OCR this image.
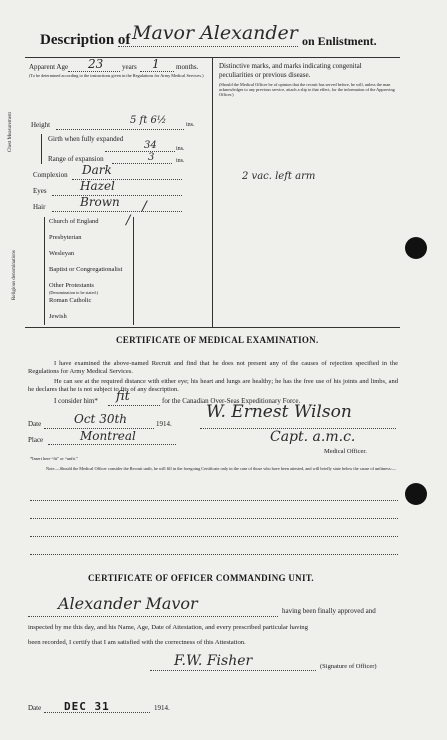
Description of Mavor Alexander on Enlistment.
Apparent Age 23	years 1 months.
(To be determined according to the instructions given in the Regulations for Army Medical Services.)
Height	5 ft 6½	ins.
Chest Measurement	Girth when fully expanded
34	ins.
Range of expansion	3	ins.
Complexion Dark
Eyes	Hazel
Hair	Brown /
Religious denominations
Church of England /
Presbyterian
Wesleyan
Baptist or Congregationalist
Other Protestants
(Denomination to be stated.)
Roman Catholic
Jewish
Distinctive marks, and marks indicating congenital peculiarities or previous disease.
(Should the Medical Officer be of opinion that the recruit has served before, he will, unless the man acknowledges to any previous service, attach a slip to that effect, for the information of the Approving Officer.)
2 vac. left arm
CERTIFICATE OF MEDICAL EXAMINATION.
I have examined the above-named Recruit and find that he does not present any of the causes of rejection specified in the Regulations for Army Medical Services.
He can see at the required distance with either eye; his heart and lungs are healthy; he has the free use of his joints and limbs, and he declares that he is not subject to fits of any description.
I consider him* fit	for the Canadian Over-Seas Expeditionary Force.
Date	Oct 30th	1914.
W. Ernest Wilson
Place	Montreal	Capt. a.m.c.
Medical Officer.
*Insert here “fit” or “unfit.”
Note.—Should the Medical Officer consider the Recruit unfit, he will fill in the foregoing Certificate only in the case of those who have been attested, and will briefly state below the cause of unfitness:—
CERTIFICATE OF OFFICER COMMANDING UNIT.
Alexander Mavor	having been finally approved and
inspected by me this day, and his Name, Age, Date of Attestation, and every prescribed particular having
been recorded, I certify that I am satisfied with the correctness of this Attestation.
F.W. Fisher	(Signature of Officer)
Date DEC 31	1914.
